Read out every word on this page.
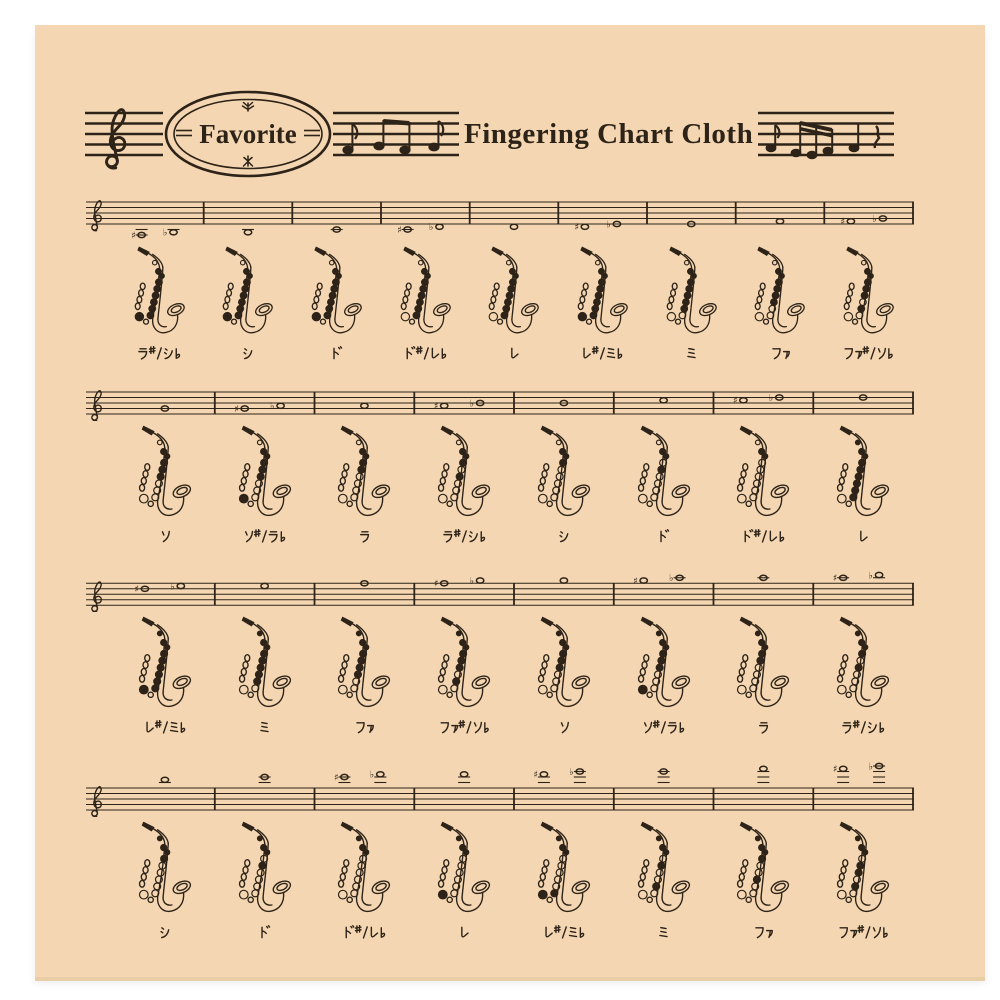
Favorite	Fingering Chart Cloth
♯	♭	♯	♭	♯	♭	♯	♭
♯	♭	♯	♭	♯	♭
♯	♭	♯	♭	♯	♭	♯	♭
♯	♭	♯	♭	♯	♭
